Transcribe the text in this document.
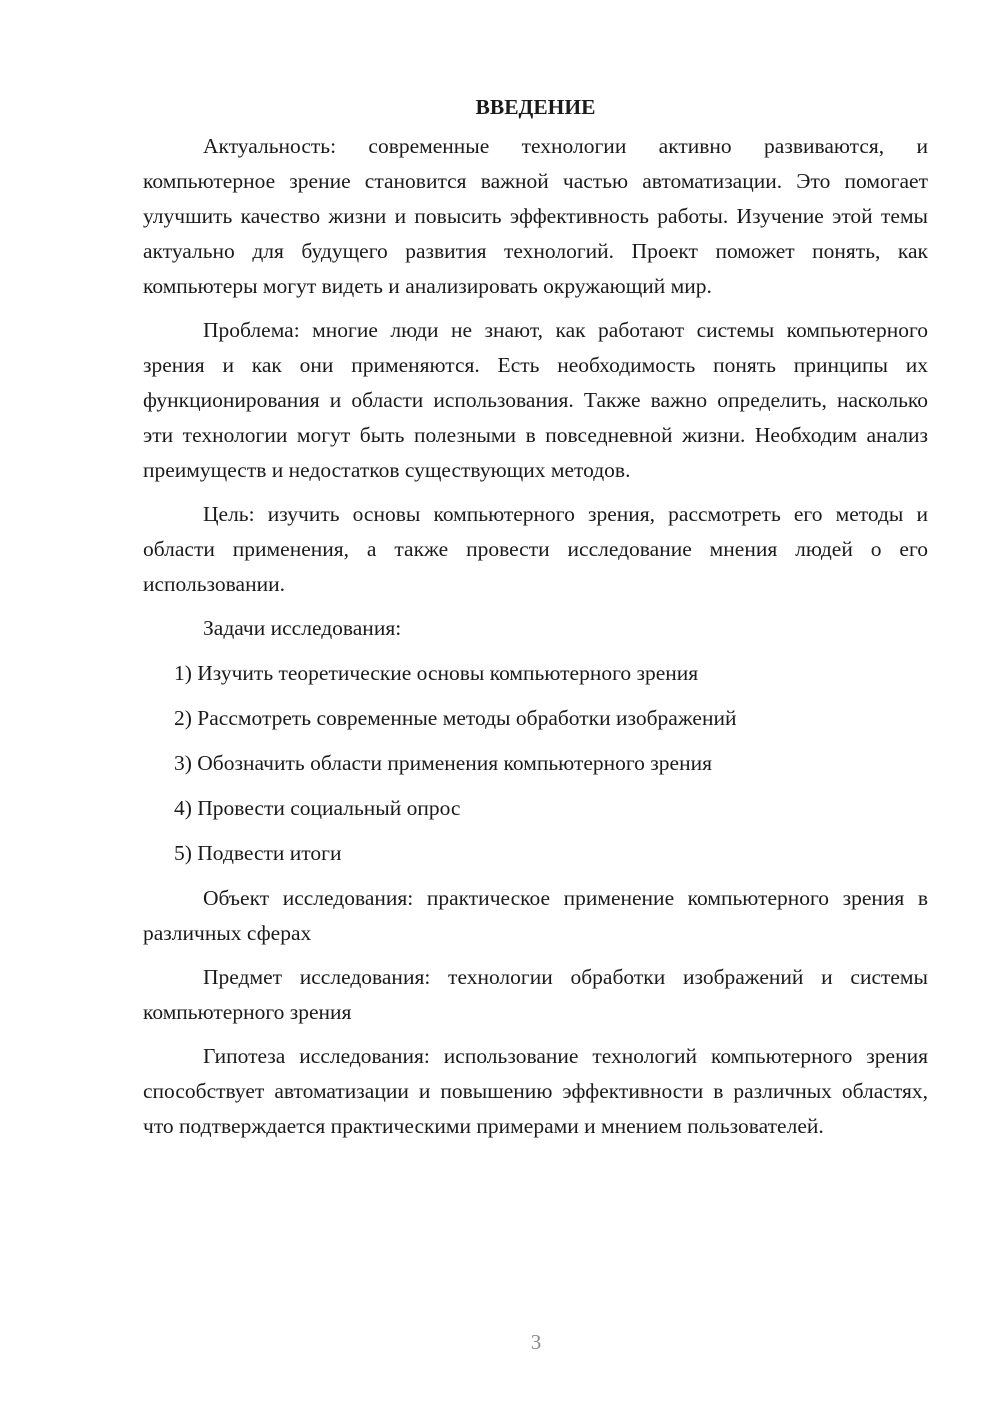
ВВЕДЕНИЕ

Актуальность: современные технологии активно развиваются, и компьютерное зрение становится важной частью автоматизации. Это помогает улучшить качество жизни и повысить эффективность работы. Изучение этой темы актуально для будущего развития технологий. Проект поможет понять, как компьютеры могут видеть и анализировать окружающий мир.

Проблема: многие люди не знают, как работают системы компьютерного зрения и как они применяются. Есть необходимость понять принципы их функционирования и области использования. Также важно определить, насколько эти технологии могут быть полезными в повседневной жизни. Необходим анализ преимуществ и недостатков существующих методов.

Цель: изучить основы компьютерного зрения, рассмотреть его методы и области применения, а также провести исследование мнения людей о его использовании.

Задачи исследования:

1) Изучить теоретические основы компьютерного зрения
2) Рассмотреть современные методы обработки изображений
3) Обозначить области применения компьютерного зрения
4) Провести социальный опрос
5) Подвести итоги

Объект исследования: практическое применение компьютерного зрения в различных сферах

Предмет исследования: технологии обработки изображений и системы компьютерного зрения

Гипотеза исследования: использование технологий компьютерного зрения способствует автоматизации и повышению эффективности в различных областях, что подтверждается практическими примерами и мнением пользователей.

3
